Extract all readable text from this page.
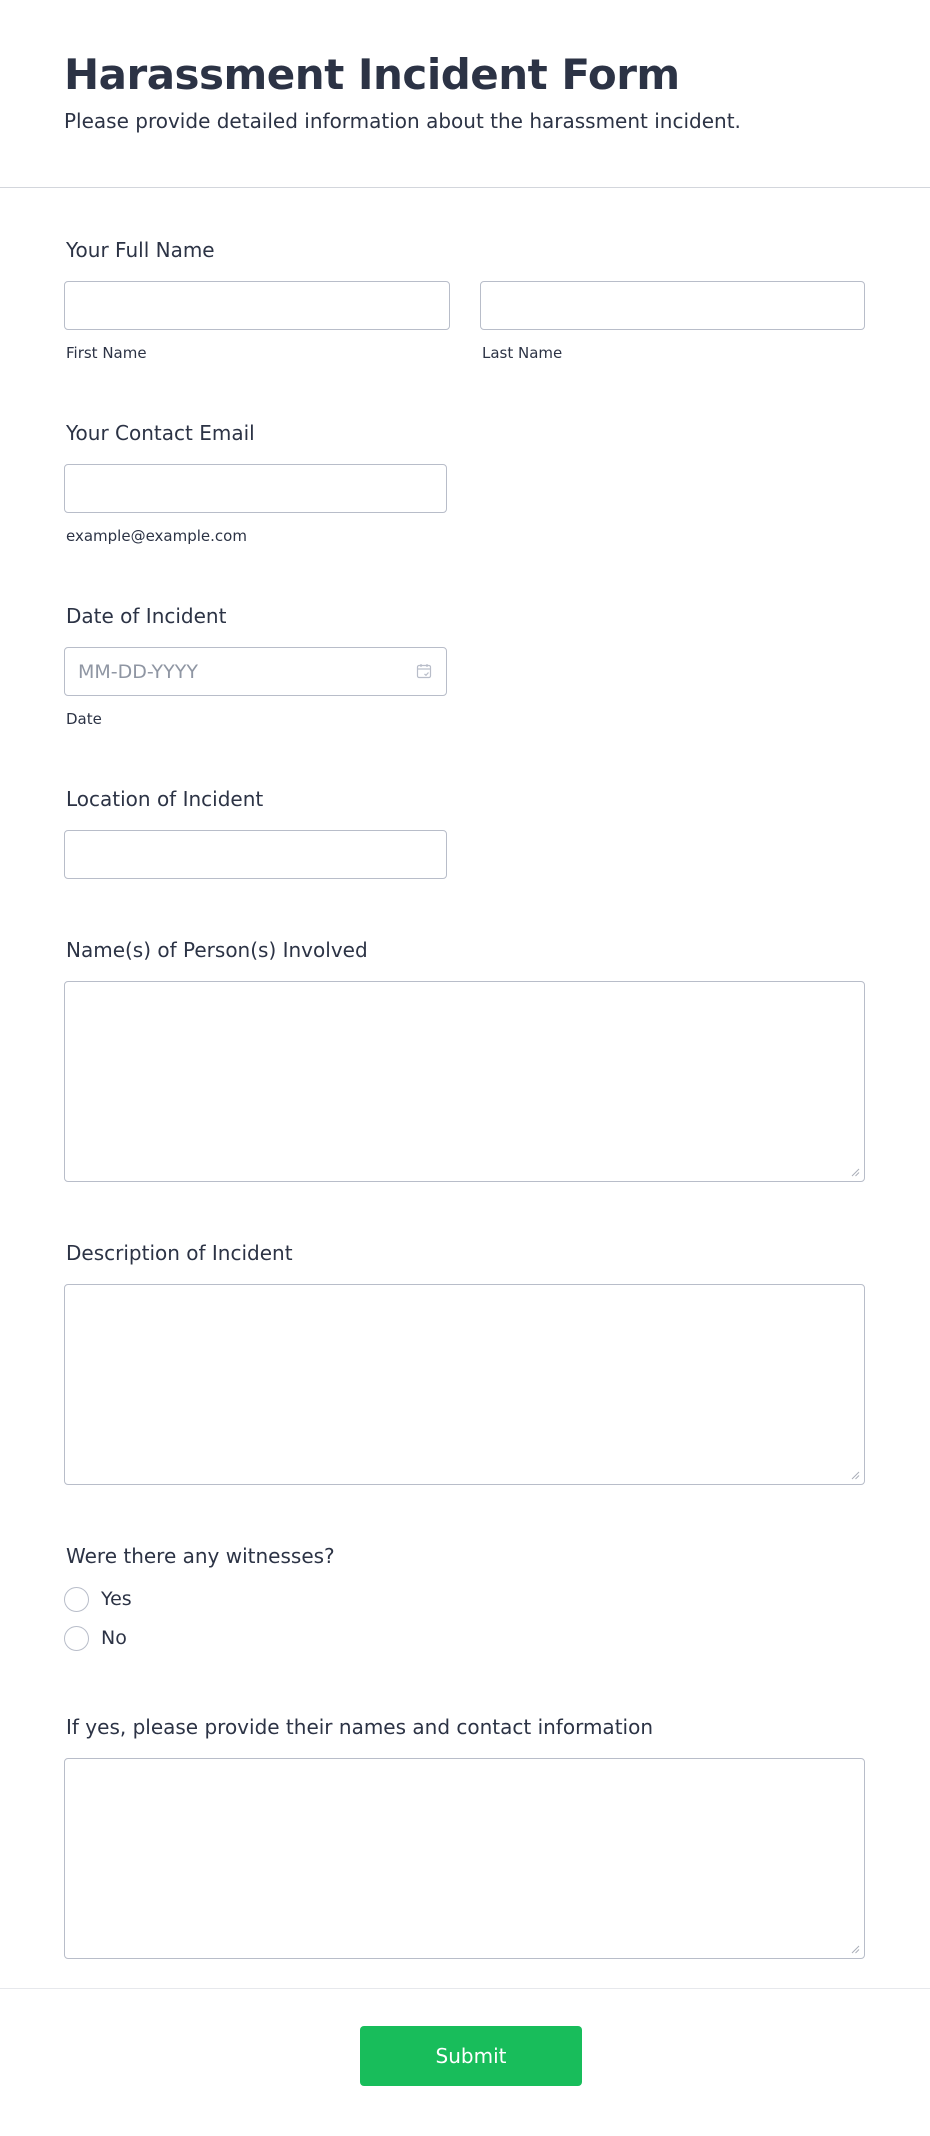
Harassment Incident Form
Please provide detailed information about the harassment incident.
Your Full Name
First Name	Last Name
Your Contact Email
example@example.com
Date of Incident
MM-DD-YYYY
Date
Location of Incident
Name(s) of Person(s) Involved
Description of Incident
Were there any witnesses?
Yes
No
If yes, please provide their names and contact information
Submit
